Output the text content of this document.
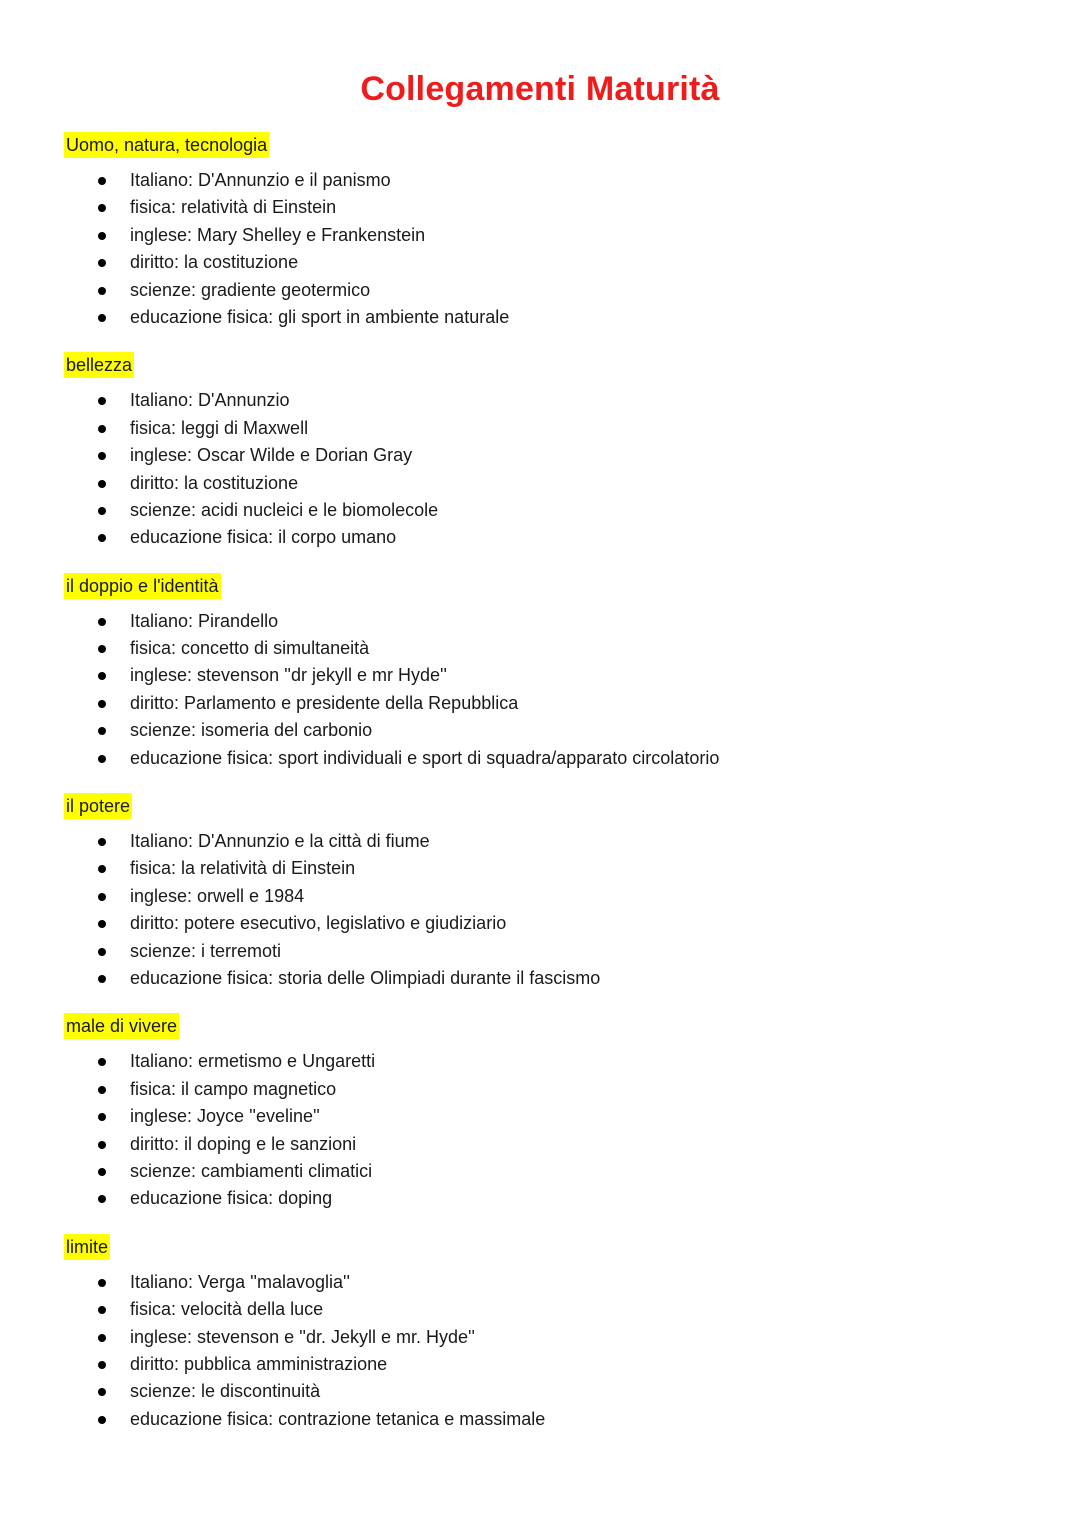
Collegamenti Maturità
Uomo, natura, tecnologia
Italiano: D'Annunzio e il panismo
fisica: relatività di Einstein
inglese: Mary Shelley e Frankenstein
diritto: la costituzione
scienze: gradiente geotermico
educazione fisica: gli sport in ambiente naturale
bellezza
Italiano: D'Annunzio
fisica: leggi di Maxwell
inglese: Oscar Wilde e Dorian Gray
diritto: la costituzione
scienze: acidi nucleici e le biomolecole
educazione fisica: il corpo umano
il doppio e l'identità
Italiano: Pirandello
fisica: concetto di simultaneità
inglese: stevenson ''dr jekyll e mr Hyde''
diritto: Parlamento e presidente della Repubblica
scienze: isomeria del carbonio
educazione fisica: sport individuali e sport di squadra/apparato circolatorio
il potere
Italiano: D'Annunzio e la città di fiume
fisica: la relatività di Einstein
inglese: orwell e 1984
diritto: potere esecutivo, legislativo e giudiziario
scienze: i terremoti
educazione fisica: storia delle Olimpiadi durante il fascismo
male di vivere
Italiano: ermetismo e Ungaretti
fisica: il campo magnetico
inglese: Joyce ''eveline''
diritto: il doping e le sanzioni
scienze: cambiamenti climatici
educazione fisica: doping
limite
Italiano: Verga ''malavoglia''
fisica: velocità della luce
inglese: stevenson e ''dr. Jekyll e mr. Hyde''
diritto: pubblica amministrazione
scienze: le discontinuità
educazione fisica: contrazione tetanica e massimale
